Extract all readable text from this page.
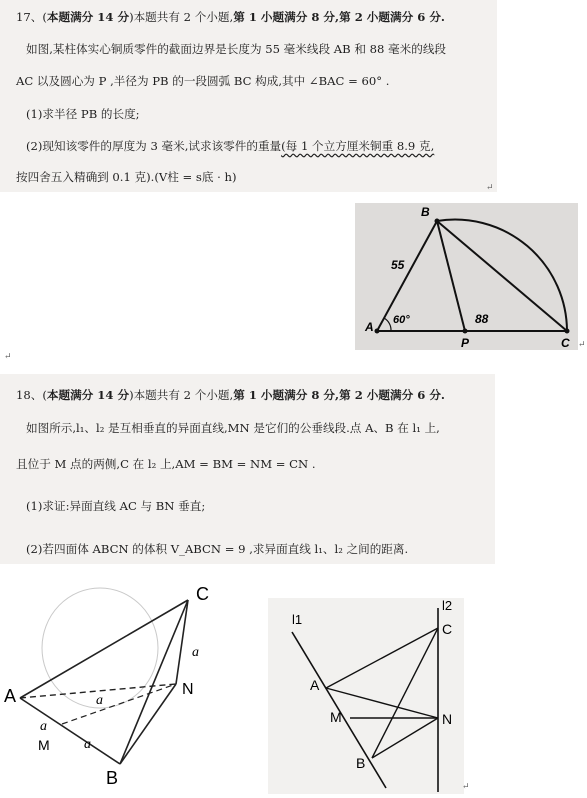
17、(本题满分 14 分)本题共有 2 个小题,第 1 小题满分 8 分,第 2 小题满分 6 分.
如图,某柱体实心铜质零件的截面边界是长度为 55 毫米线段 AB 和 88 毫米的线段
AC 以及圆心为 P ,半径为 PB 的一段圆弧 BC 构成,其中 ∠BAC = 60° .
(1)求半径 PB 的长度;
(2)现知该零件的厚度为 3 毫米,试求该零件的重量(每 1 个立方厘米铜重 8.9 克,
按四舍五入精确到 0.1 克).(V柱 = s底 · h)
↵
A
B
P	C
55
60°	88
↵
↵
18、(本题满分 14 分)本题共有 2 个小题,第 1 小题满分 8 分,第 2 小题满分 6 分.
如图所示,l₁、l₂ 是互相垂直的异面直线,MN 是它们的公垂线段.点 A、B 在 l₁ 上,
且位于 M 点的两侧,C 在 l₂ 上,AM = BM = NM = CN .
(1)求证:异面直线 AC 与 BN 垂直;
(2)若四面体 ABCN 的体积 V_ABCN = 9 ,求异面直线 l₁、l₂ 之间的距离.
A
C
N
B
M
a
a
a
a
l1
l2
A
C
M	N
B
↵
